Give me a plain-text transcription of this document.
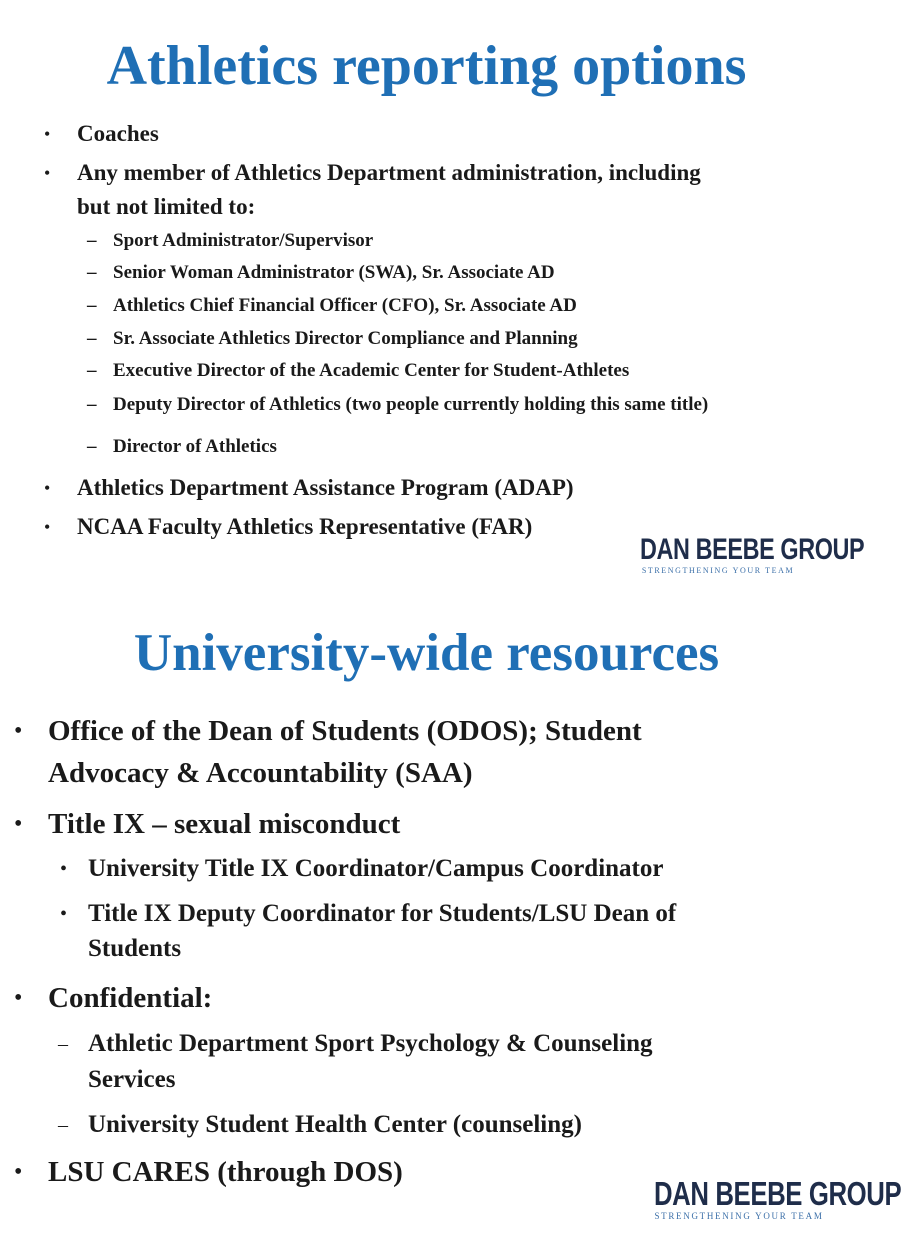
Athletics reporting options
• Coaches
• Any member of Athletics Department administration, including
but not limited to:
– Sport Administrator/Supervisor
– Senior Woman Administrator (SWA), Sr. Associate AD
– Athletics Chief Financial Officer (CFO), Sr. Associate AD
– Sr. Associate Athletics Director Compliance and Planning
– Executive Director of the Academic Center for Student-Athletes
– Deputy Director of Athletics (two people currently holding this same title)
– Director of Athletics
• Athletics Department Assistance Program (ADAP)
• NCAA Faculty Athletics Representative (FAR)
DAN BEEBE GROUP
STRENGTHENING YOUR TEAM
University-wide resources
• Office of the Dean of Students (ODOS); Student
Advocacy & Accountability (SAA)
• Title IX – sexual misconduct
• University Title IX Coordinator/Campus Coordinator
• Title IX Deputy Coordinator for Students/LSU Dean of
Students
• Confidential:
– Athletic Department Sport Psychology & Counseling
Services
– University Student Health Center (counseling)
• LSU CARES (through DOS)
DAN BEEBE GROUP
STRENGTHENING YOUR TEAM
